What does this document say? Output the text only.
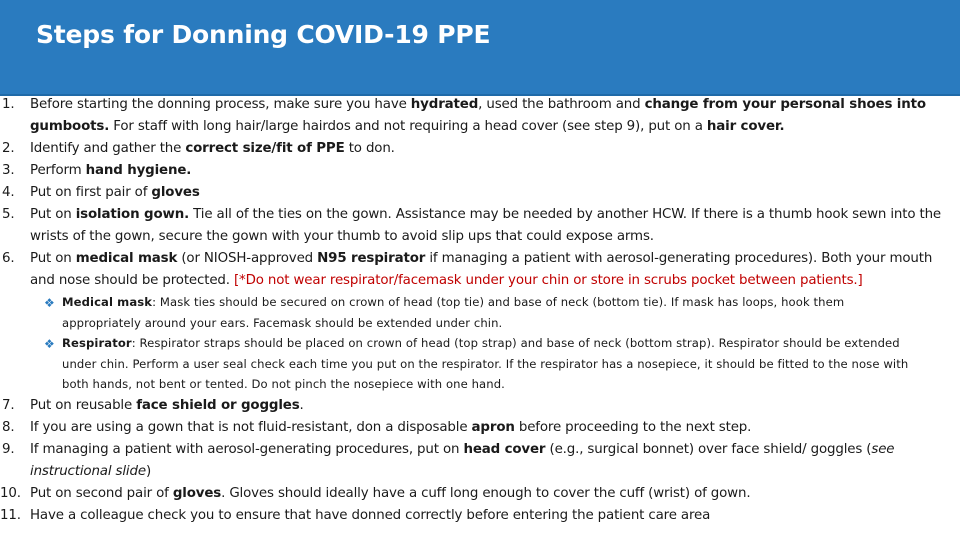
Steps for Donning COVID-19 PPE
1.	Before starting the donning process, make sure you have hydrated, used the bathroom and change from your personal shoes into gumboots. For staff with long hair/large hairdos and not requiring a head cover (see step 9), put on a hair cover.
2.	Identify and gather the correct size/fit of PPE to don.
3.	Perform hand hygiene.
4.	Put on first pair of gloves
5.	Put on isolation gown. Tie all of the ties on the gown. Assistance may be needed by another HCW. If there is a thumb hook sewn into the wrists of the gown, secure the gown with your thumb to avoid slip ups that could expose arms.
6.	Put on medical mask (or NIOSH-approved N95 respirator if managing a patient with aerosol-generating procedures). Both your mouth and nose should be protected. [*Do not wear respirator/facemask under your chin or store in scrubs pocket between patients.]
❖ Medical mask: Mask ties should be secured on crown of head (top tie) and base of neck (bottom tie). If mask has loops, hook them appropriately around your ears. Facemask should be extended under chin.
❖ Respirator: Respirator straps should be placed on crown of head (top strap) and base of neck (bottom strap). Respirator should be extended under chin. Perform a user seal check each time you put on the respirator. If the respirator has a nosepiece, it should be fitted to the nose with both hands, not bent or tented. Do not pinch the nosepiece with one hand.
7.	Put on reusable face shield or goggles.
8.	If you are using a gown that is not fluid-resistant, don a disposable apron before proceeding to the next step.
9.	If managing a patient with aerosol-generating procedures, put on head cover (e.g., surgical bonnet) over face shield/ goggles (see instructional slide)
10. Put on second pair of gloves. Gloves should ideally have a cuff long enough to cover the cuff (wrist) of gown.
11. Have a colleague check you to ensure that have donned correctly before entering the patient care area
